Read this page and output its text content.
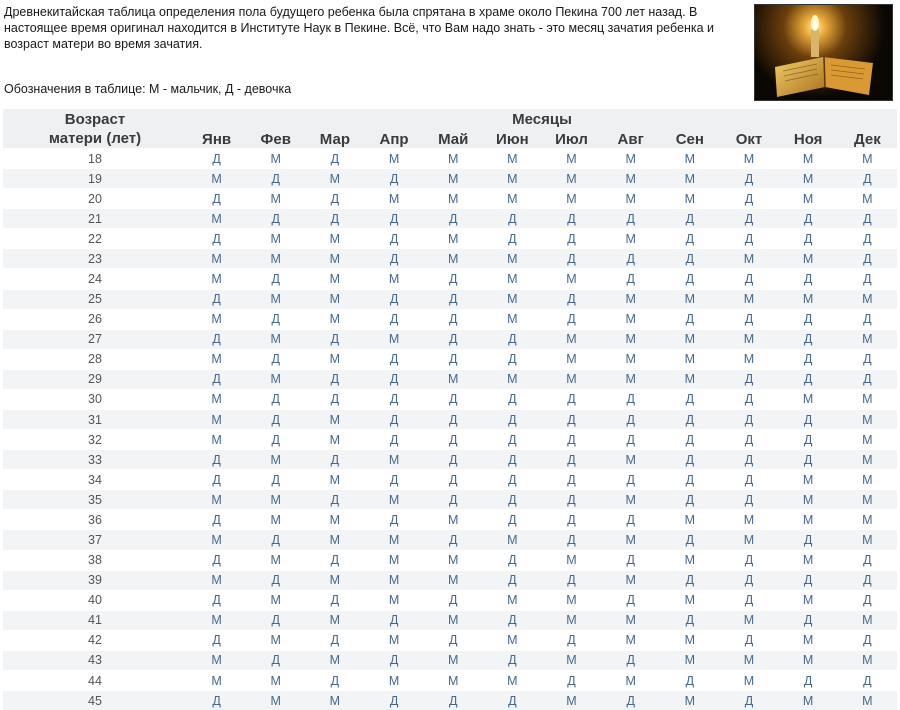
Древнекитайская таблица определения пола будущего ребенка была спрятана в храме около Пекина 700 лет назад. В настоящее время оригинал находится в Институте Наук в Пекине. Всё, что Вам надо знать - это месяц зачатия ребенка и возраст матери во время зачатия.
Обозначения в таблице: М - мальчик, Д - девочка
Возраст
матери (лет)	Месяцы											
	Янв	Фев	Мар	Апр	Май	Июн	Июл	Авг	Сен	Окт	Ноя	Дек
18	Д	М	Д	М	М	М	М	М	М	М	М	М
19	М	Д	М	Д	М	М	М	М	М	Д	М	Д
20	Д	М	Д	М	М	М	М	М	М	Д	М	М
21	М	Д	Д	Д	Д	Д	Д	Д	Д	Д	Д	Д
22	Д	М	М	Д	М	Д	Д	М	Д	Д	Д	Д
23	М	М	М	Д	М	М	Д	Д	Д	М	М	Д
24	М	Д	М	М	Д	М	М	Д	Д	Д	Д	Д
25	Д	М	М	Д	Д	М	Д	М	М	М	М	М
26	М	Д	М	Д	Д	М	Д	М	Д	Д	Д	Д
27	Д	М	Д	М	Д	Д	М	М	М	М	Д	М
28	М	Д	М	Д	Д	Д	М	М	М	М	Д	Д
29	Д	М	Д	Д	М	М	М	М	М	Д	Д	Д
30	М	Д	Д	Д	Д	Д	Д	Д	Д	Д	М	М
31	М	Д	М	Д	Д	Д	Д	Д	Д	Д	Д	М
32	М	Д	М	Д	Д	Д	Д	Д	Д	Д	Д	М
33	Д	М	Д	М	Д	Д	Д	М	Д	Д	Д	М
34	Д	Д	М	Д	Д	Д	Д	Д	Д	Д	М	М
35	М	М	Д	М	Д	Д	Д	М	Д	Д	М	М
36	Д	М	М	Д	М	Д	Д	Д	М	М	М	М
37	М	Д	М	М	Д	М	Д	М	Д	М	Д	М
38	Д	М	Д	М	М	Д	М	Д	М	Д	М	Д
39	М	Д	М	М	М	Д	Д	М	Д	Д	Д	Д
40	Д	М	Д	М	Д	М	М	Д	М	Д	М	Д
41	М	Д	М	Д	М	Д	М	М	Д	М	Д	М
42	Д	М	Д	М	Д	М	Д	М	М	Д	М	Д
43	М	Д	М	Д	М	Д	М	Д	М	М	М	М
44	М	М	Д	М	М	М	Д	М	Д	М	Д	Д
45	Д	М	М	Д	Д	Д	М	Д	М	Д	М	М
